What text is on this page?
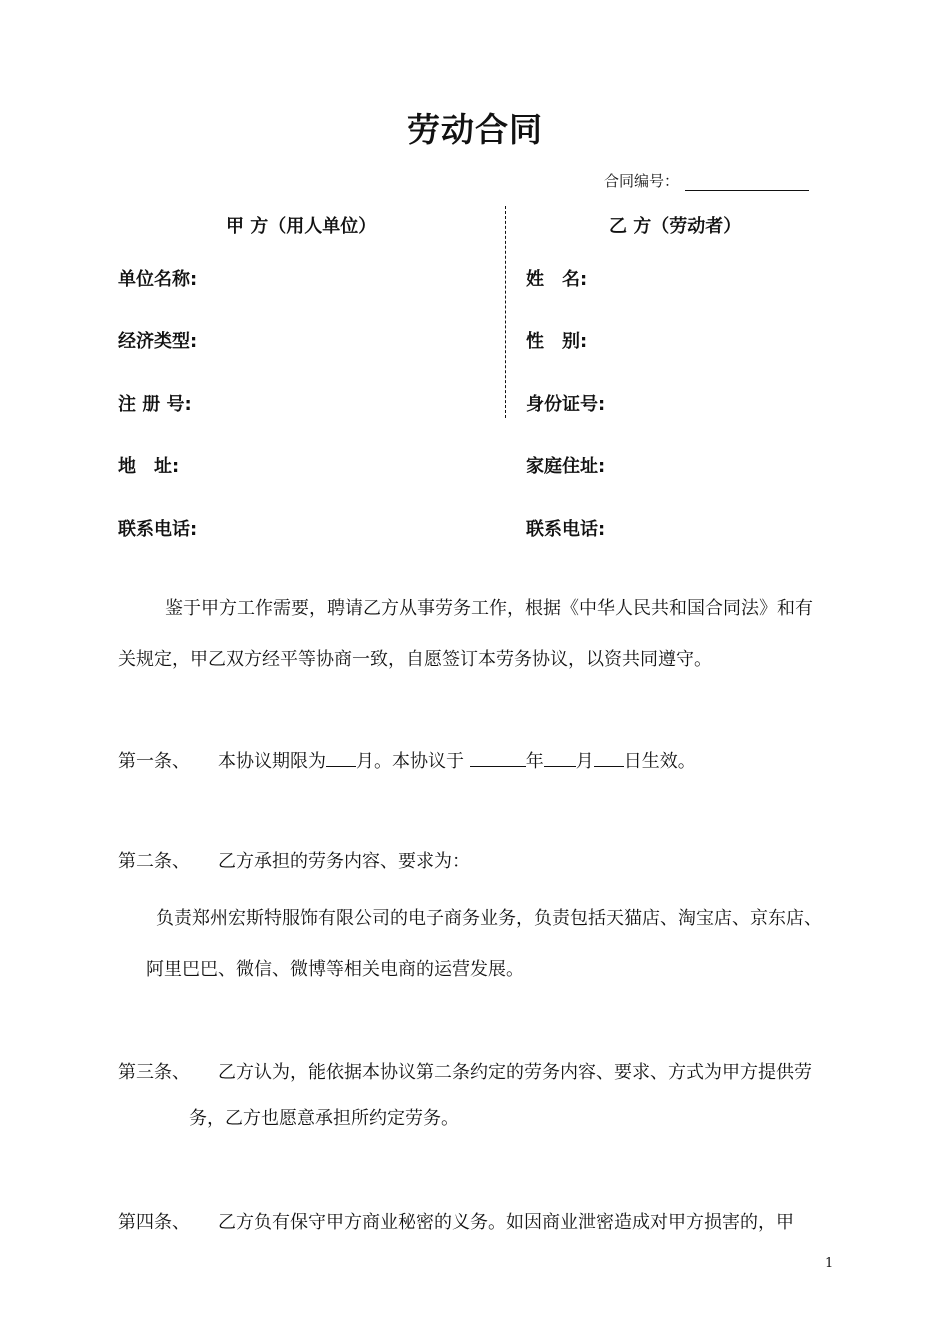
劳动合同
合同编号：
甲 方（用人单位）	乙 方（劳动者）
单位名称:
经济类型:
注 册 号:
地　址:
联系电话:
姓　名:
性　别:
身份证号:
家庭住址:
联系电话:
鉴于甲方工作需要，聘请乙方从事劳务工作，根据《中华人民共和国合同法》和有
关规定，甲乙双方经平等协商一致，自愿签订本劳务协议，以资共同遵守。
第一条、 本协议期限为 月。本协议于	年 月 日生效。
第二条、 乙方承担的劳务内容、要求为：
负责郑州宏斯特服饰有限公司的电子商务业务，负责包括天猫店、淘宝店、京东店、
阿里巴巴、微信、微博等相关电商的运营发展。
第三条、 乙方认为，能依据本协议第二条约定的劳务内容、要求、方式为甲方提供劳
务，乙方也愿意承担所约定劳务。
第四条、 乙方负有保守甲方商业秘密的义务。如因商业泄密造成对甲方损害的，甲
1
